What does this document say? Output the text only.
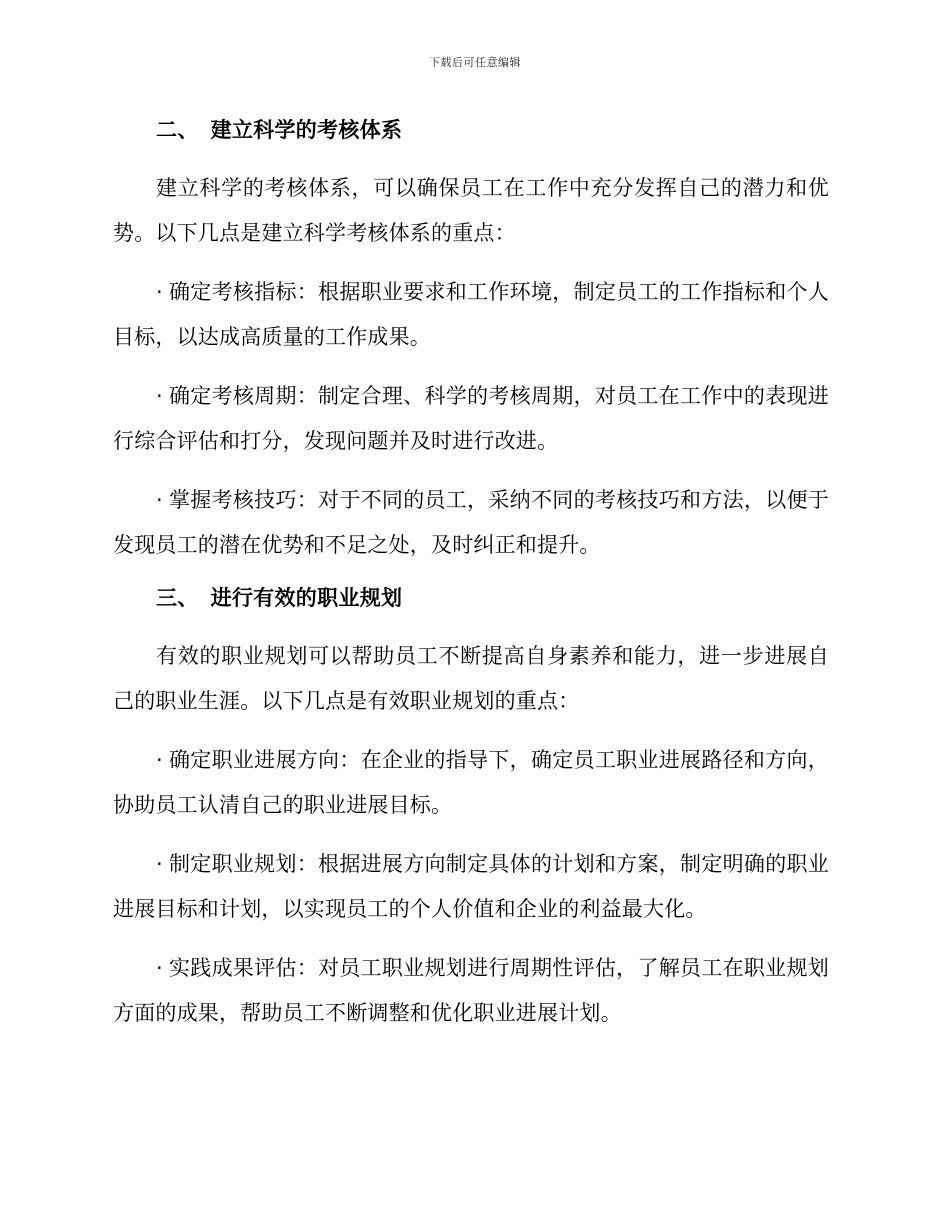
下载后可任意编辑
二、 建立科学的考核体系

建立科学的考核体系，可以确保员工在工作中充分发挥自己的潜力和优势。以下几点是建立科学考核体系的重点：

· 确定考核指标：根据职业要求和工作环境，制定员工的工作指标和个人目标，以达成高质量的工作成果。

· 确定考核周期：制定合理、科学的考核周期，对员工在工作中的表现进行综合评估和打分，发现问题并及时进行改进。

· 掌握考核技巧：对于不同的员工，采纳不同的考核技巧和方法，以便于发现员工的潜在优势和不足之处，及时纠正和提升。

三、 进行有效的职业规划

有效的职业规划可以帮助员工不断提高自身素养和能力，进一步进展自己的职业生涯。以下几点是有效职业规划的重点：

· 确定职业进展方向：在企业的指导下，确定员工职业进展路径和方向，协助员工认清自己的职业进展目标。

· 制定职业规划：根据进展方向制定具体的计划和方案，制定明确的职业进展目标和计划，以实现员工的个人价值和企业的利益最大化。

· 实践成果评估：对员工职业规划进行周期性评估，了解员工在职业规划方面的成果，帮助员工不断调整和优化职业进展计划。
